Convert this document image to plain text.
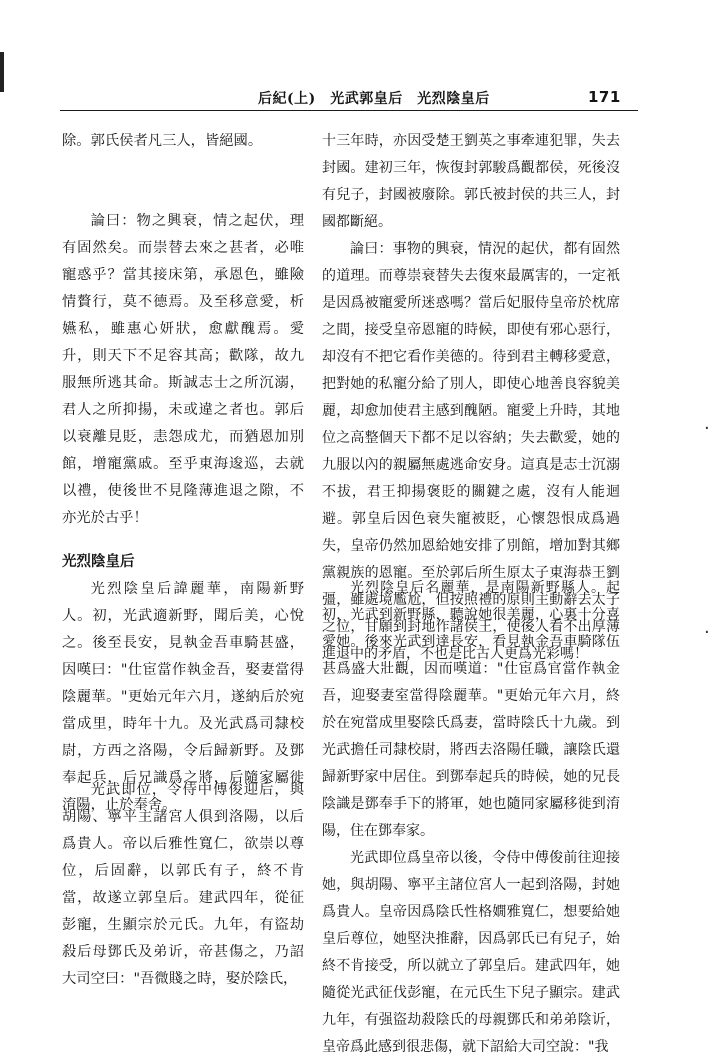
后紀(上)　光武郭皇后　光烈陰皇后	171

除。郭氏侯者凡三人，皆絕國。

論曰：物之興衰，情之起伏，理有固然矣。而崇替去來之甚者，必唯寵惑乎？當其接床第，承恩色，雖險情贅行，莫不德焉。及至移意愛，析嬿私，雖惠心妍狀，愈獻醜焉。愛升，則天下不足容其高；歡隊，故九服無所逃其命。斯誠志士之所沉溺，君人之所抑揚，未或違之者也。郭后以衰離見貶，恚怨成尤，而猶恩加別館，增寵黨戚。至乎東海逡巡，去就以禮，使後世不見隆薄進退之隙，不亦光於古乎！

光烈陰皇后

光烈陰皇后諱麗華，南陽新野人。初，光武適新野，聞后美，心悅之。後至長安，見執金吾車騎甚盛，因嘆曰："仕宦當作執金吾，娶妻當得陰麗華。"更始元年六月，遂納后於宛當成里，時年十九。及光武爲司隸校尉，方西之洛陽，令后歸新野。及鄧奉起兵，后兄識爲之將，后隨家屬徙淯陽，止於奉舍。

光武即位，令侍中傅俊迎后，與胡陽、寧平主諸宮人俱到洛陽，以后爲貴人。帝以后雅性寬仁，欲崇以尊位，后固辭，以郭氏有子，終不肯當，故遂立郭皇后。建武四年，從征彭寵，生顯宗於元氏。九年，有盜劫殺后母鄧氏及弟䜣，帝甚傷之，乃詔大司空曰："吾微賤之時，娶於陰氏，

十三年時，亦因受楚王劉英之事牽連犯罪，失去封國。建初三年，恢復封郭駿爲觀都侯，死後沒有兒子，封國被廢除。郭氏被封侯的共三人，封國都斷絕。

論曰：事物的興衰，情況的起伏，都有固然的道理。而尊崇衰替失去復來最厲害的，一定衹是因爲被寵愛所迷惑嗎？當后妃服侍皇帝於枕席之間，接受皇帝恩寵的時候，即使有邪心惡行，却沒有不把它看作美德的。待到君主轉移愛意，把對她的私寵分給了別人，即使心地善良容貌美麗，却愈加使君主感到醜陋。寵愛上升時，其地位之高整個天下都不足以容納；失去歡愛，她的九服以內的親屬無處逃命安身。這真是志士沉溺不拔，君王抑揚褒貶的關鍵之處，沒有人能迴避。郭皇后因色衰失寵被貶，心懷怨恨成爲過失，皇帝仍然加恩給她安排了別館，增加對其鄉黨親族的恩寵。至於郭后所生原太子東海恭王劉彊，雖處境尷尬，但按照禮的原則主動辭去太子之位，甘願到封地作諸侯王，使後人看不出厚薄進退中的矛盾，不也是比古人更爲光彩嗎！

光烈陰皇后名麗華，是南陽新野縣人。起初，光武到新野縣，聽說她很美麗，心裏十分喜愛她。後來光武到達長安，看見執金吾車騎隊伍甚爲盛大壯觀，因而嘆道："仕宦爲官當作執金吾，迎娶妻室當得陰麗華。"更始元年六月，終於在宛當成里娶陰氏爲妻，當時陰氏十九歲。到光武擔任司隸校尉，將西去洛陽任職，讓陰氏還歸新野家中居住。到鄧奉起兵的時候，她的兄長陰識是鄧奉手下的將軍，她也隨同家屬移徙到淯陽，住在鄧奉家。

光武即位爲皇帝以後，令侍中傅俊前往迎接她，與胡陽、寧平主諸位宮人一起到洛陽，封她爲貴人。皇帝因爲陰氏性格嫺雅寬仁，想要給她皇后尊位，她堅決推辭，因爲郭氏已有兒子，始終不肯接受，所以就立了郭皇后。建武四年，她隨從光武征伐彭寵，在元氏生下兒子顯宗。建武九年，有强盜劫殺陰氏的母親鄧氏和弟弟陰䜣，皇帝爲此感到很悲傷，就下詔給大司空說："我

·
·
